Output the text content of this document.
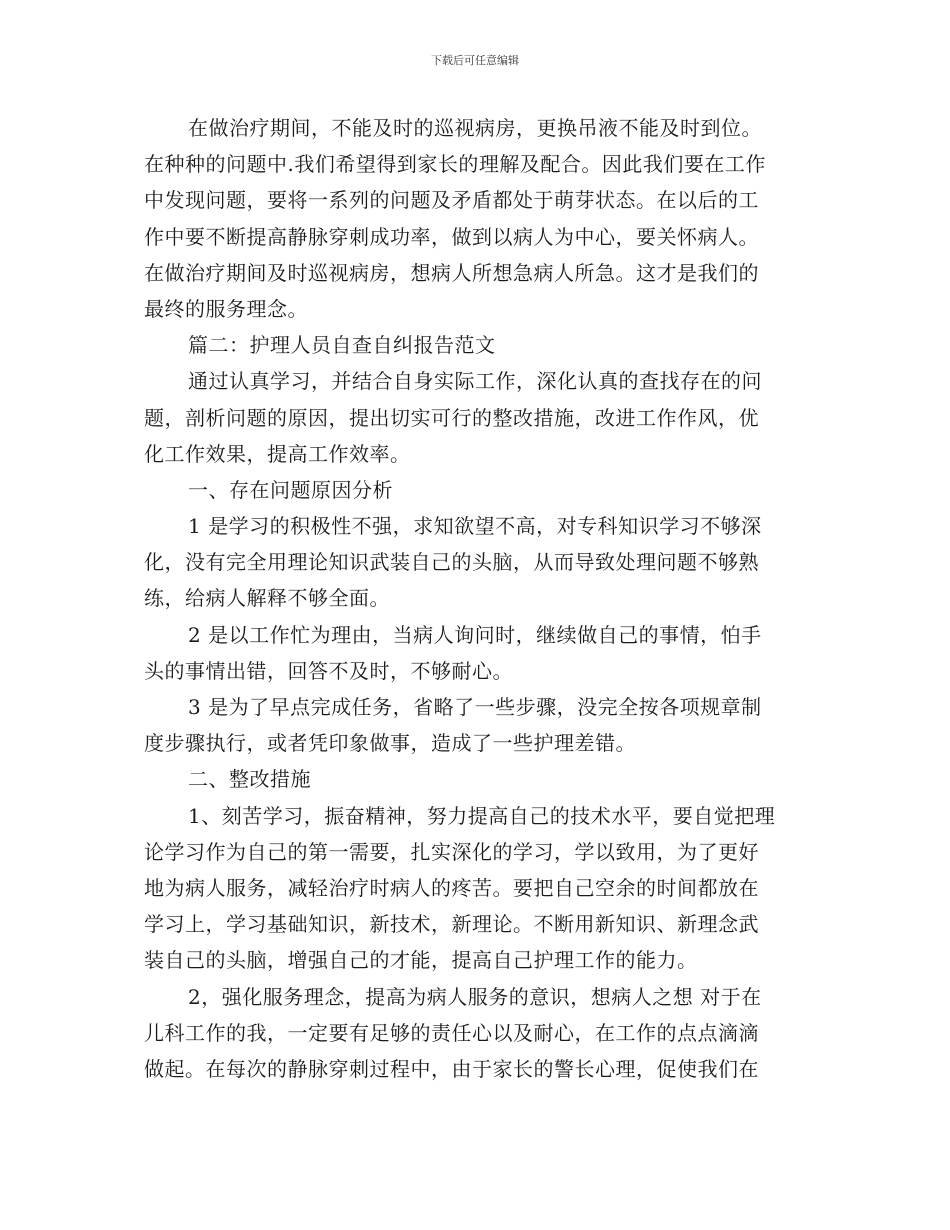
下载后可任意编辑
在做治疗期间，不能及时的巡视病房，更换吊液不能及时到位。
在种种的问题中.我们希望得到家长的理解及配合。因此我们要在工作
中发现问题，要将一系列的问题及矛盾都处于萌芽状态。在以后的工
作中要不断提高静脉穿刺成功率，做到以病人为中心，要关怀病人。
在做治疗期间及时巡视病房，想病人所想急病人所急。这才是我们的
最终的服务理念。
篇二：护理人员自查自纠报告范文
通过认真学习，并结合自身实际工作，深化认真的查找存在的问
题，剖析问题的原因，提出切实可行的整改措施，改进工作作风，优
化工作效果，提高工作效率。
一、存在问题原因分析
1 是学习的积极性不强，求知欲望不高，对专科知识学习不够深
化，没有完全用理论知识武装自己的头脑，从而导致处理问题不够熟
练，给病人解释不够全面。
2 是以工作忙为理由，当病人询问时，继续做自己的事情，怕手
头的事情出错，回答不及时，不够耐心。
3 是为了早点完成任务，省略了一些步骤，没完全按各项规章制
度步骤执行，或者凭印象做事，造成了一些护理差错。
二、整改措施
1、刻苦学习，振奋精神，努力提高自己的技术水平，要自觉把理
论学习作为自己的第一需要，扎实深化的学习，学以致用，为了更好
地为病人服务，减轻治疗时病人的疼苦。要把自己空余的时间都放在
学习上，学习基础知识，新技术，新理论。不断用新知识、新理念武
装自己的头脑，增强自己的才能，提高自己护理工作的能力。
2，强化服务理念，提高为病人服务的意识，想病人之想 对于在
儿科工作的我，一定要有足够的责任心以及耐心，在工作的点点滴滴
做起。在每次的静脉穿刺过程中，由于家长的警长心理，促使我们在
